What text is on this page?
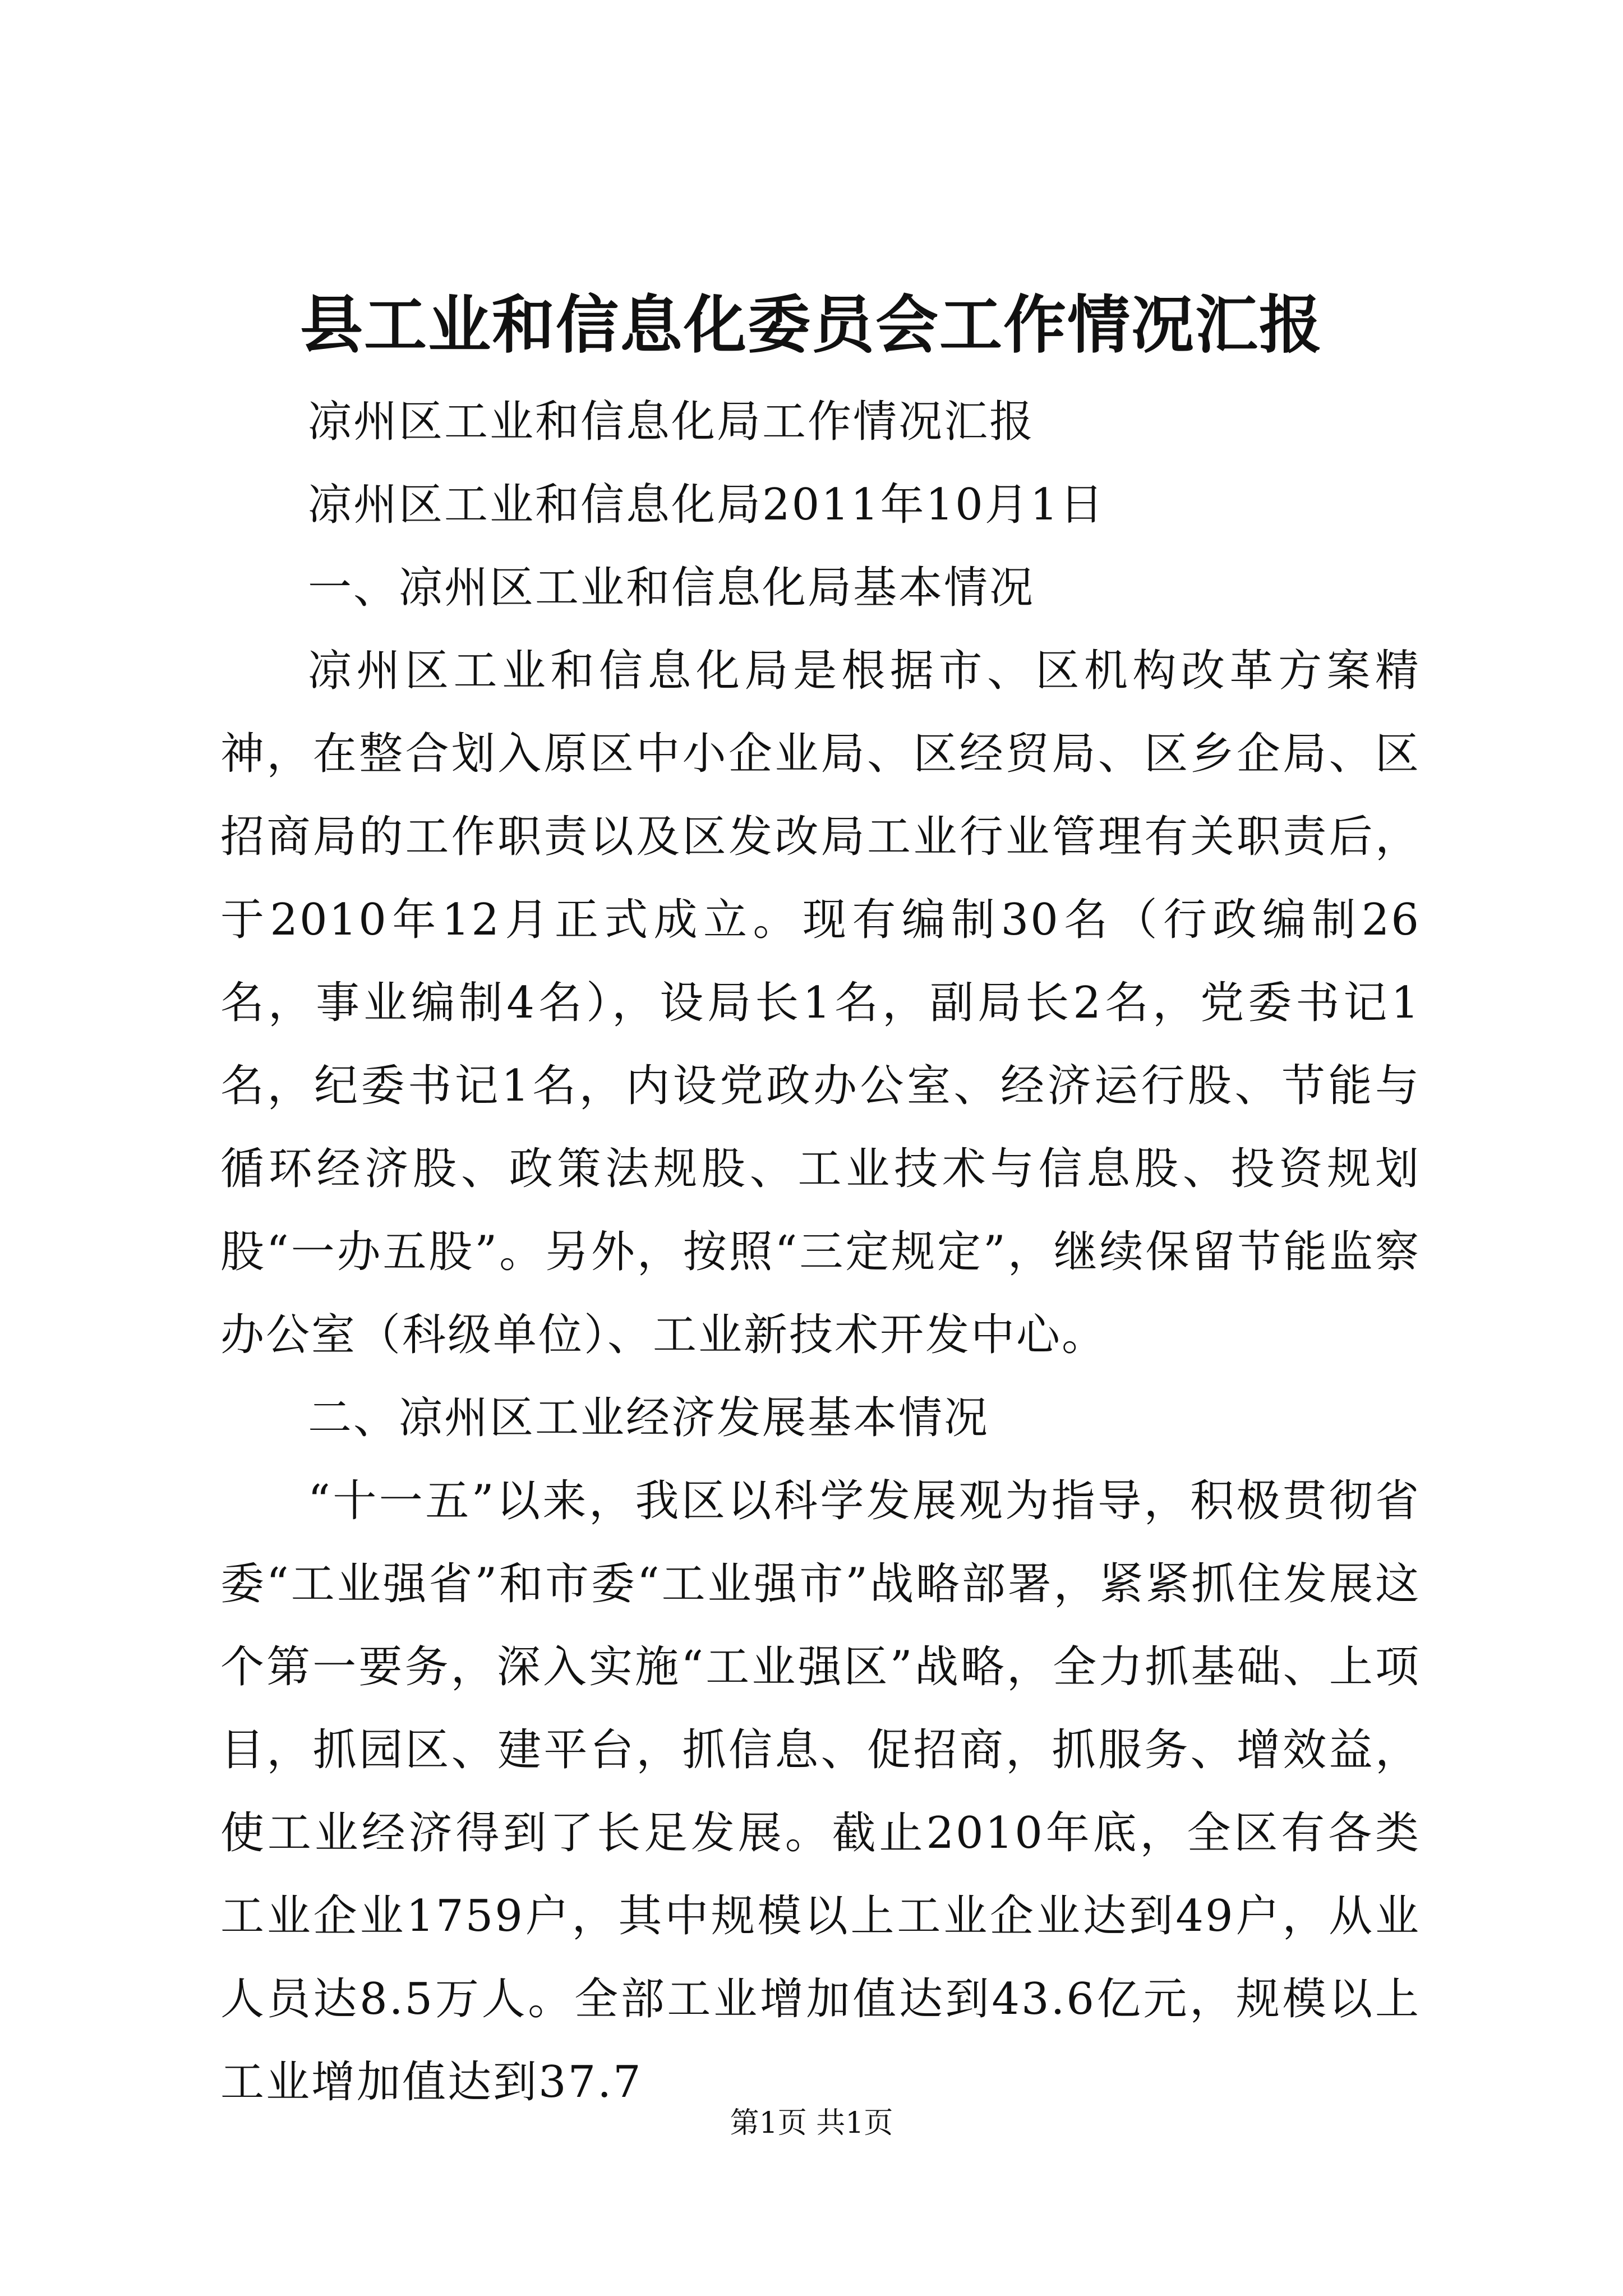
县工业和信息化委员会工作情况汇报

凉州区工业和信息化局工作情况汇报

凉州区工业和信息化局2011年10月1日

一、凉州区工业和信息化局基本情况

凉州区工业和信息化局是根据市、区机构改革方案精神，在整合划入原区中小企业局、区经贸局、区乡企局、区招商局的工作职责以及区发改局工业行业管理有关职责后，于2010年12月正式成立。现有编制30名（行政编制26名，事业编制4名），设局长1名，副局长2名，党委书记1名，纪委书记1名，内设党政办公室、经济运行股、节能与循环经济股、政策法规股、工业技术与信息股、投资规划股“一办五股”。另外，按照“三定规定”，继续保留节能监察办公室（科级单位）、工业新技术开发中心。

二、凉州区工业经济发展基本情况

“十一五”以来，我区以科学发展观为指导，积极贯彻省委“工业强省”和市委“工业强市”战略部署，紧紧抓住发展这个第一要务，深入实施“工业强区”战略，全力抓基础、上项目，抓园区、建平台，抓信息、促招商，抓服务、增效益，使工业经济得到了长足发展。截止2010年底，全区有各类工业企业1759户，其中规模以上工业企业达到49户，从业人员达8.5万人。全部工业增加值达到43.6亿元，规模以上工业增加值达到37.7

第1页 共1页
